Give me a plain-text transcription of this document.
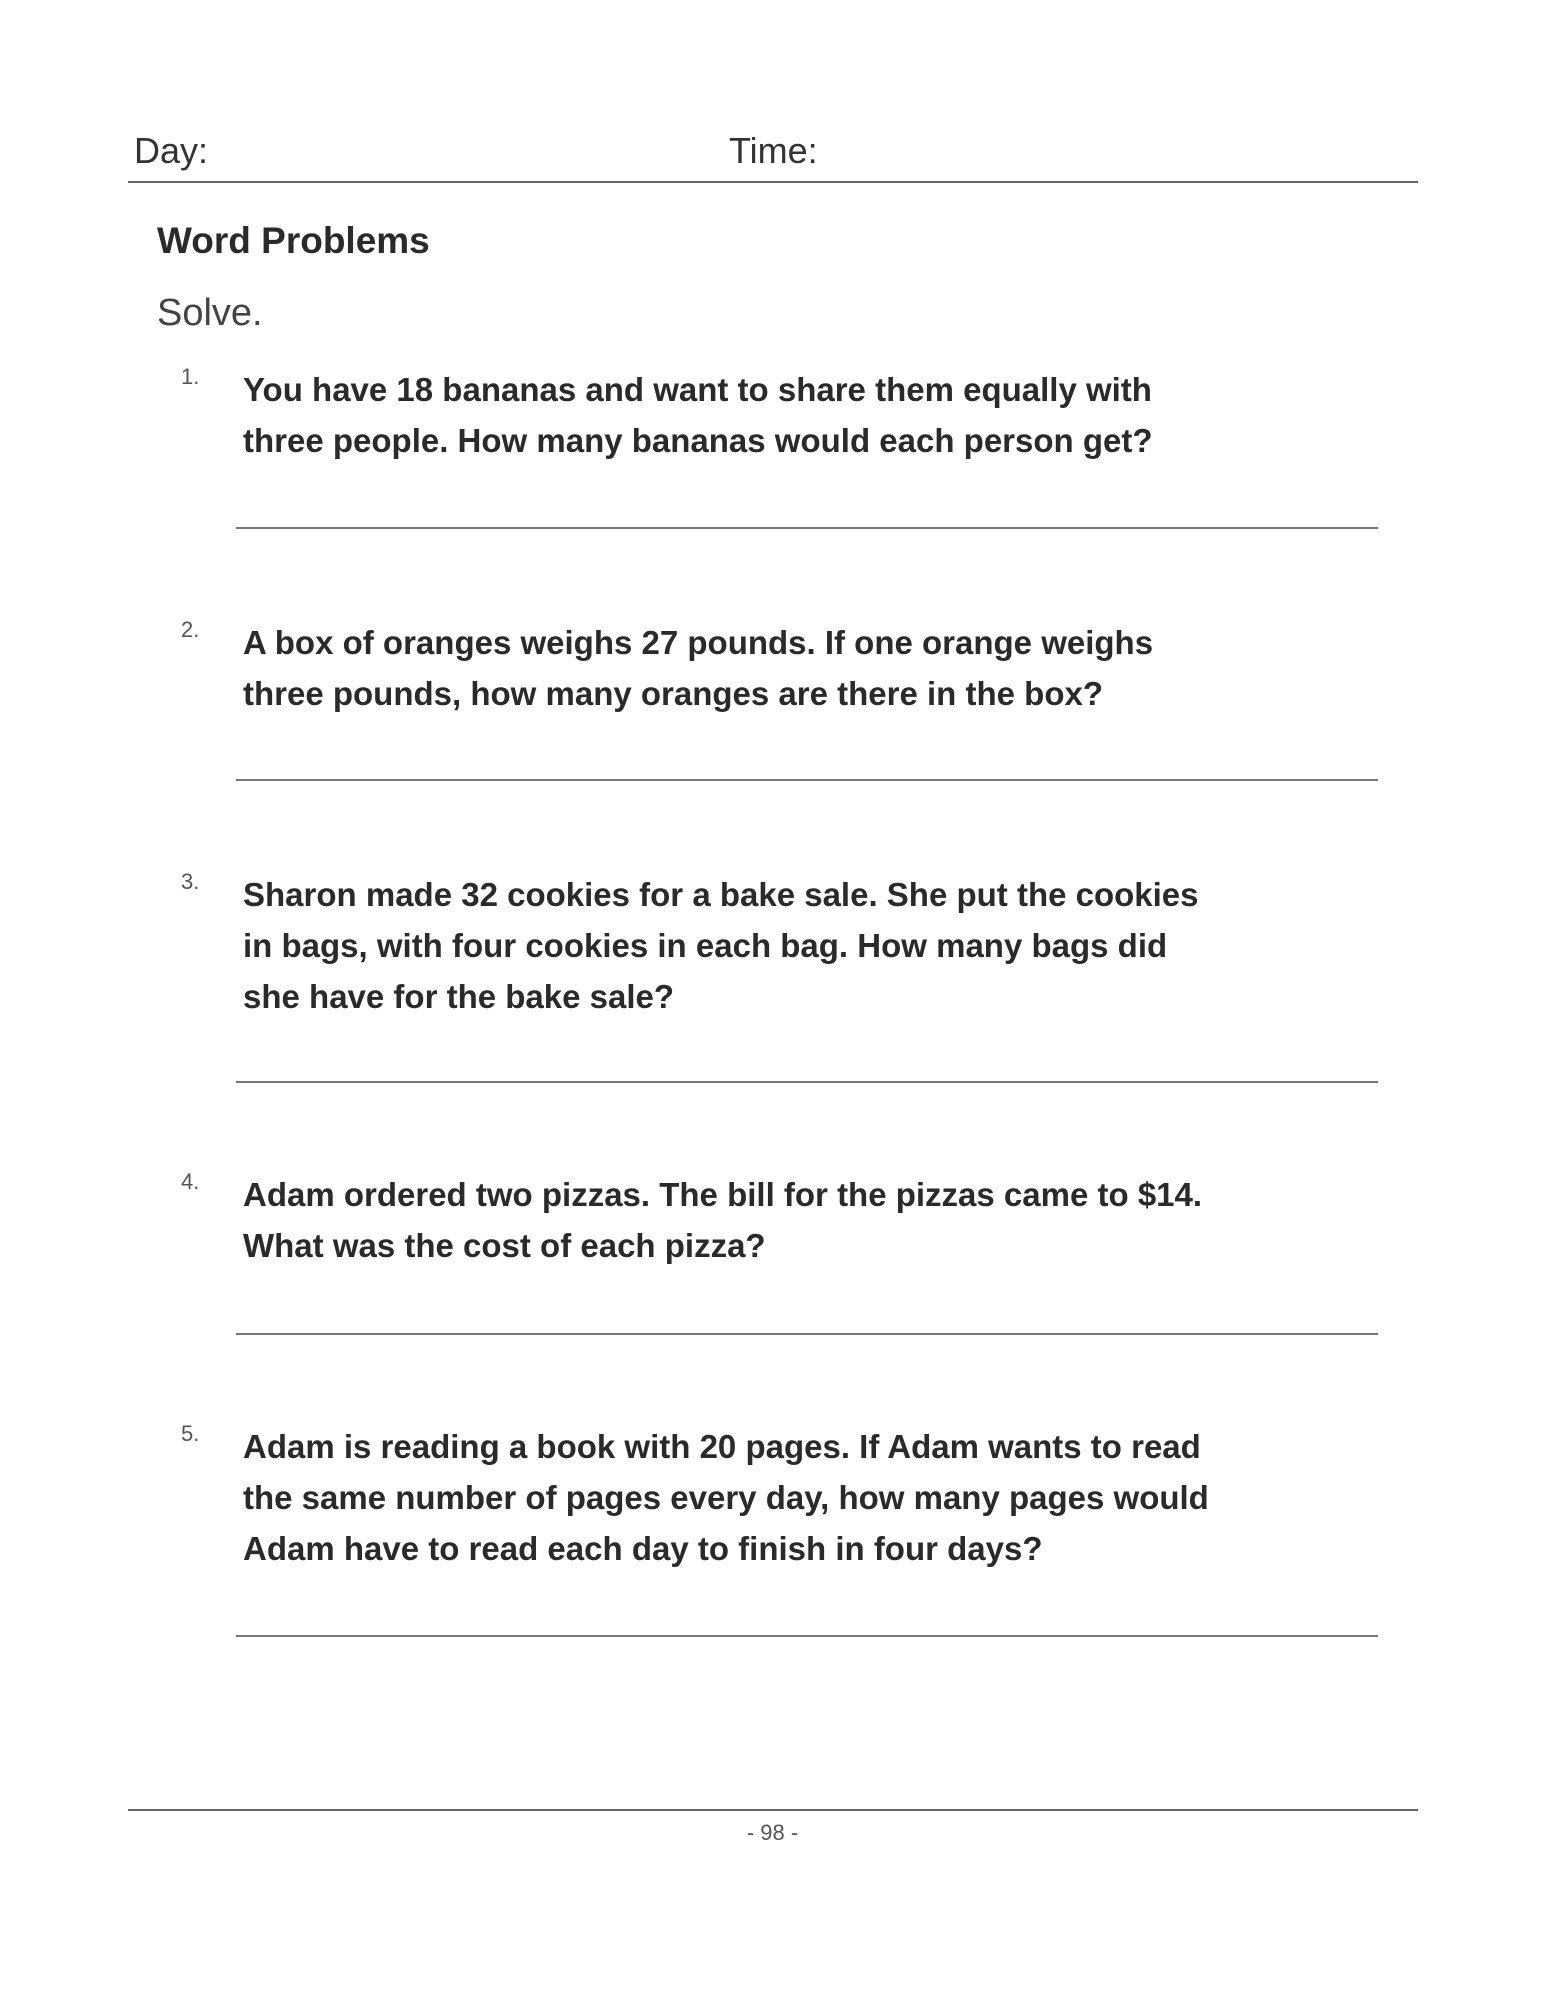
Day:	Time:
Word Problems
Solve.
1. You have 18 bananas and want to share them equally with
three people. How many bananas would each person get?
2. A box of oranges weighs 27 pounds. If one orange weighs
three pounds, how many oranges are there in the box?
3. Sharon made 32 cookies for a bake sale. She put the cookies
in bags, with four cookies in each bag. How many bags did
she have for the bake sale?
4. Adam ordered two pizzas. The bill for the pizzas came to $14.
What was the cost of each pizza?
5. Adam is reading a book with 20 pages. If Adam wants to read
the same number of pages every day, how many pages would
Adam have to read each day to finish in four days?
- 98 -
